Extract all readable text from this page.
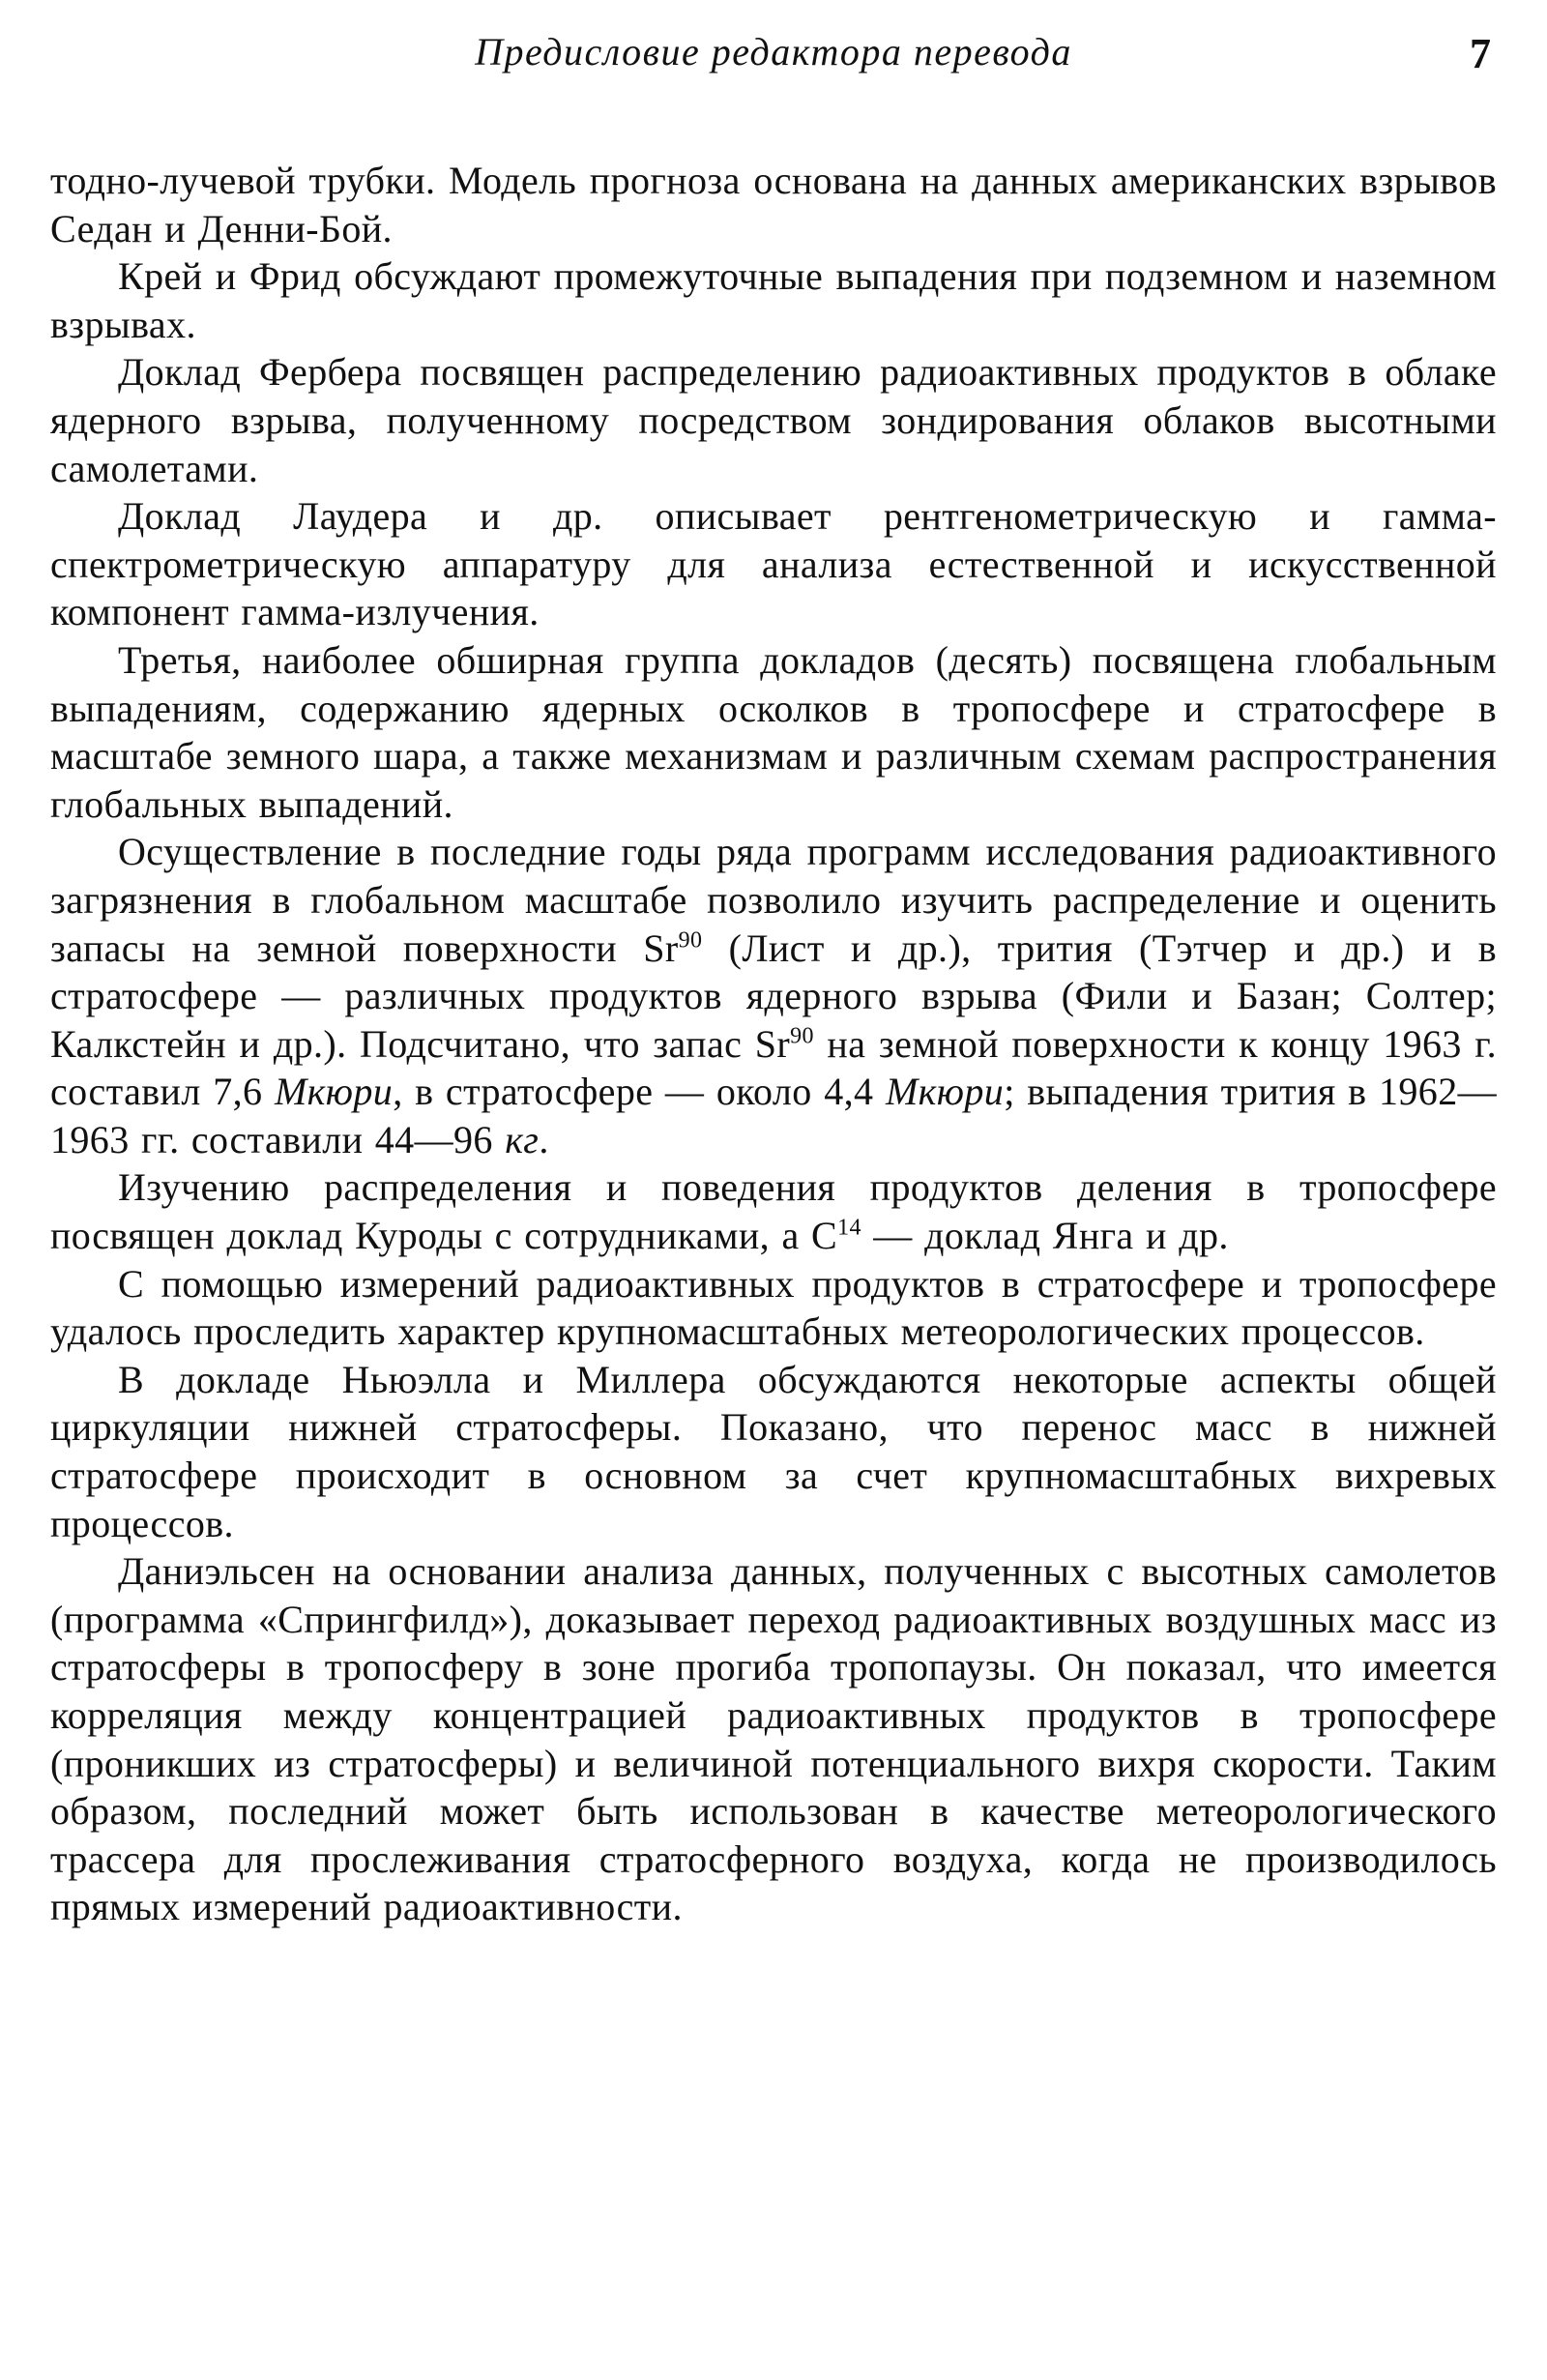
Предисловие редактора перевода	7

тодно-лучевой трубки. Модель прогноза основана на данных американских взрывов Седан и Денни-Бой.

Крей и Фрид обсуждают промежуточные выпадения при подземном и наземном взрывах.

Доклад Фербера посвящен распределению радиоактивных продуктов в облаке ядерного взрыва, полученному посредством зондирования облаков высотными самолетами.

Доклад Лаудера и др. описывает рентгенометрическую и гамма-спектрометрическую аппаратуру для анализа естественной и искусственной компонент гамма-излучения.

Третья, наиболее обширная группа докладов (десять) посвящена глобальным выпадениям, содержанию ядерных осколков в тропосфере и стратосфере в масштабе земного шара, а также механизмам и различным схемам распространения глобальных выпадений.

Осуществление в последние годы ряда программ исследования радиоактивного загрязнения в глобальном масштабе позволило изучить распределение и оценить запасы на земной поверхности Sr$^{90}$ (Лист и др.), трития (Тэтчер и др.) и в стратосфере — различных продуктов ядерного взрыва (Фили и Базан; Солтер; Калкстейн и др.). Подсчитано, что запас Sr$^{90}$ на земной поверхности к концу 1963 г. составил 7,6 Мкюри, в стратосфере — около 4,4 Мкюри; выпадения трития в 1962—1963 гг. составили 44—96 кг.

Изучению распределения и поведения продуктов деления в тропосфере посвящен доклад Куроды с сотрудниками, а $C^{14}$ — доклад Янга и др.

С помощью измерений радиоактивных продуктов в стратосфере и тропосфере удалось проследить характер крупномасштабных метеорологических процессов.

В докладе Ньюэлла и Миллера обсуждаются некоторые аспекты общей циркуляции нижней стратосферы. Показано, что перенос масс в нижней стратосфере происходит в основном за счет крупномасштабных вихревых процессов.

Даниэльсен на основании анализа данных, полученных с высотных самолетов (программа «Спрингфилд»), доказывает переход радиоактивных воздушных масс из стратосферы в тропосферу в зоне прогиба тропопаузы. Он показал, что имеется корреляция между концентрацией радиоактивных продуктов в тропосфере (проникших из стратосферы) и величиной потенциального вихря скорости. Таким образом, последний может быть использован в качестве метеорологического трассера для прослеживания стратосферного воздуха, когда не производилось прямых измерений радиоактивности.
